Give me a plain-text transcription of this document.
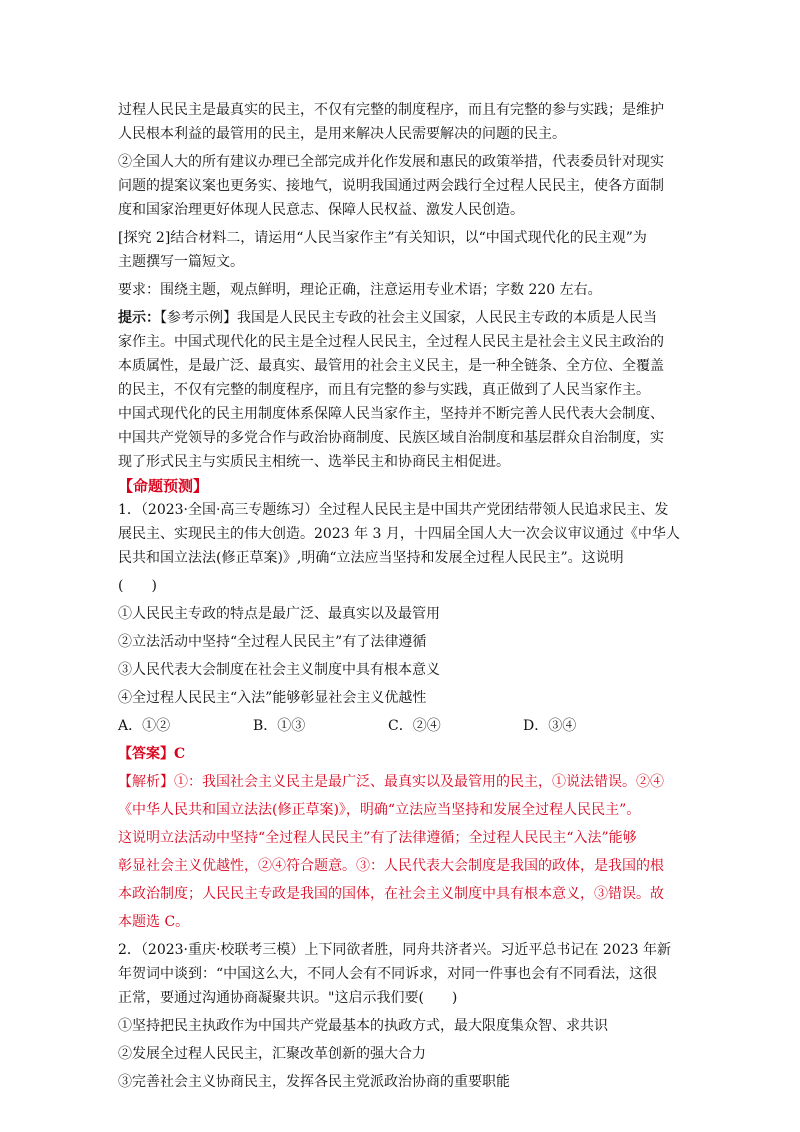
过程人民民主是最真实的民主，不仅有完整的制度程序，而且有完整的参与实践；是维护

人民根本利益的最管用的民主，是用来解决人民需要解决的问题的民主。

②全国人大的所有建议办理已全部完成并化作发展和惠民的政策举措，代表委员针对现实

问题的提案议案也更务实、接地气，说明我国通过两会践行全过程人民民主，使各方面制

度和国家治理更好体现人民意志、保障人民权益、激发人民创造。

[探究 2]结合材料二，请运用“人民当家作主”有关知识，以“中国式现代化的民主观”为

主题撰写一篇短文。

要求：围绕主题，观点鲜明，理论正确，注意运用专业术语；字数 220 左右。

提示：【参考示例】我国是人民民主专政的社会主义国家，人民民主专政的本质是人民当

家作主。中国式现代化的民主是全过程人民民主，全过程人民民主是社会主义民主政治的

本质属性，是最广泛、最真实、最管用的社会主义民主，是一种全链条、全方位、全覆盖

的民主，不仅有完整的制度程序，而且有完整的参与实践，真正做到了人民当家作主。

中国式现代化的民主用制度体系保障人民当家作主，坚持并不断完善人民代表大会制度、

中国共产党领导的多党合作与政治协商制度、民族区域自治制度和基层群众自治制度，实

现了形式民主与实质民主相统一、选举民主和协商民主相促进。

【命题预测】

1．（2023·全国·高三专题练习）全过程人民民主是中国共产党团结带领人民追求民主、发

展民主、实现民主的伟大创造。2023 年 3 月，十四届全国人大一次会议审议通过《中华人

民共和国立法法(修正草案)》,明确“立法应当坚持和发展全过程人民民主”。这说明

(　　)

①人民民主专政的特点是最广泛、最真实以及最管用

②立法活动中坚持“全过程人民民主”有了法律遵循

③人民代表大会制度在社会主义制度中具有根本意义

④全过程人民民主“入法”能够彰显社会主义优越性

A．①②	B．①③	C．②④	D．③④

【答案】C

【解析】①：我国社会主义民主是最广泛、最真实以及最管用的民主，①说法错误。②④

《中华人民共和国立法法(修正草案)》，明确“立法应当坚持和发展全过程人民民主”。

这说明立法活动中坚持“全过程人民民主”有了法律遵循；全过程人民民主“入法”能够

彰显社会主义优越性，②④符合题意。③：人民代表大会制度是我国的政体，是我国的根

本政治制度；人民民主专政是我国的国体，在社会主义制度中具有根本意义，③错误。故

本题选 C。

2．（2023·重庆·校联考三模）上下同欲者胜，同舟共济者兴。习近平总书记在 2023 年新

年贺词中谈到：“中国这么大，不同人会有不同诉求，对同一件事也会有不同看法，这很

正常，要通过沟通协商凝聚共识。"这启示我们要(　　)

①坚持把民主执政作为中国共产党最基本的执政方式，最大限度集众智、求共识

②发展全过程人民民主，汇聚改革创新的强大合力

③完善社会主义协商民主，发挥各民主党派政治协商的重要职能
